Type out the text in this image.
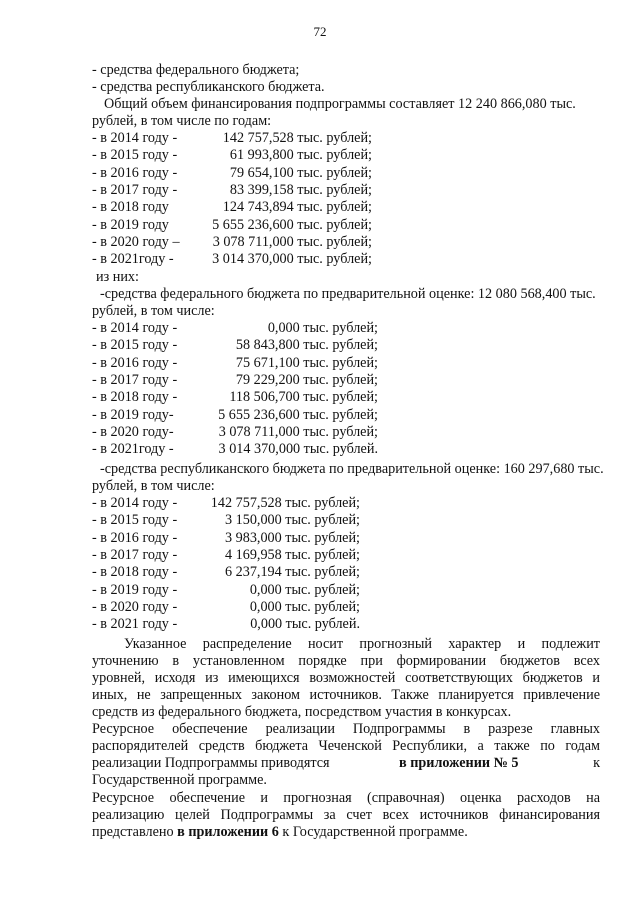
72
- средства федерального бюджета;
- средства республиканского бюджета.
Общий объем финансирования подпрограммы составляет 12 240 866,080 тыс.
рублей, в том числе по годам:
- в 2014 году -	142 757,528 тыс. рублей;
- в 2015 году -	61 993,800 тыс. рублей;
- в 2016 году -	79 654,100 тыс. рублей;
- в 2017 году -	83 399,158 тыс. рублей;
- в 2018 году	124 743,894 тыс. рублей;
- в 2019 году	5 655 236,600 тыс. рублей;
- в 2020 году –	3 078 711,000 тыс. рублей;
- в 2021году -	3 014 370,000 тыс. рублей;
из них:
-средства федерального бюджета по предварительной оценке: 12 080 568,400 тыс.
рублей, в том числе:
- в 2014 году -	0,000 тыс. рублей;
- в 2015 году -	58 843,800 тыс. рублей;
- в 2016 году -	75 671,100 тыс. рублей;
- в 2017 году -	79 229,200 тыс. рублей;
- в 2018 году -	118 506,700 тыс. рублей;
- в 2019 году-	5 655 236,600 тыс. рублей;
- в 2020 году-	3 078 711,000 тыс. рублей;
- в 2021году -	3 014 370,000 тыс. рублей.
-средства республиканского бюджета по предварительной оценке: 160 297,680 тыс.
рублей, в том числе:
- в 2014 году -	142 757,528 тыс. рублей;
- в 2015 году -	3 150,000 тыс. рублей;
- в 2016 году -	3 983,000 тыс. рублей;
- в 2017 году -	4 169,958 тыс. рублей;
- в 2018 году -	6 237,194 тыс. рублей;
- в 2019 году -	0,000 тыс. рублей;
- в 2020 году -	0,000 тыс. рублей;
- в 2021 году -	0,000 тыс. рублей.
Указанное распределение носит прогнозный характер и подлежит
уточнению в установленном порядке при формировании бюджетов всех
уровней, исходя из имеющихся возможностей соответствующих бюджетов и
иных, не запрещенных законом источников. Также планируется привлечение
средств из федерального бюджета, посредством участия в конкурсах.
Ресурсное обеспечение реализации Подпрограммы в разрезе главных
распорядителей средств бюджета Чеченской Республики, а также по годам
реализации Подпрограммы приводятся	в приложении № 5	к
Государственной программе.
Ресурсное обеспечение и прогнозная (справочная) оценка расходов на
реализацию целей Подпрограммы за счет всех источников финансирования
представлено в приложении 6 к Государственной программе.
